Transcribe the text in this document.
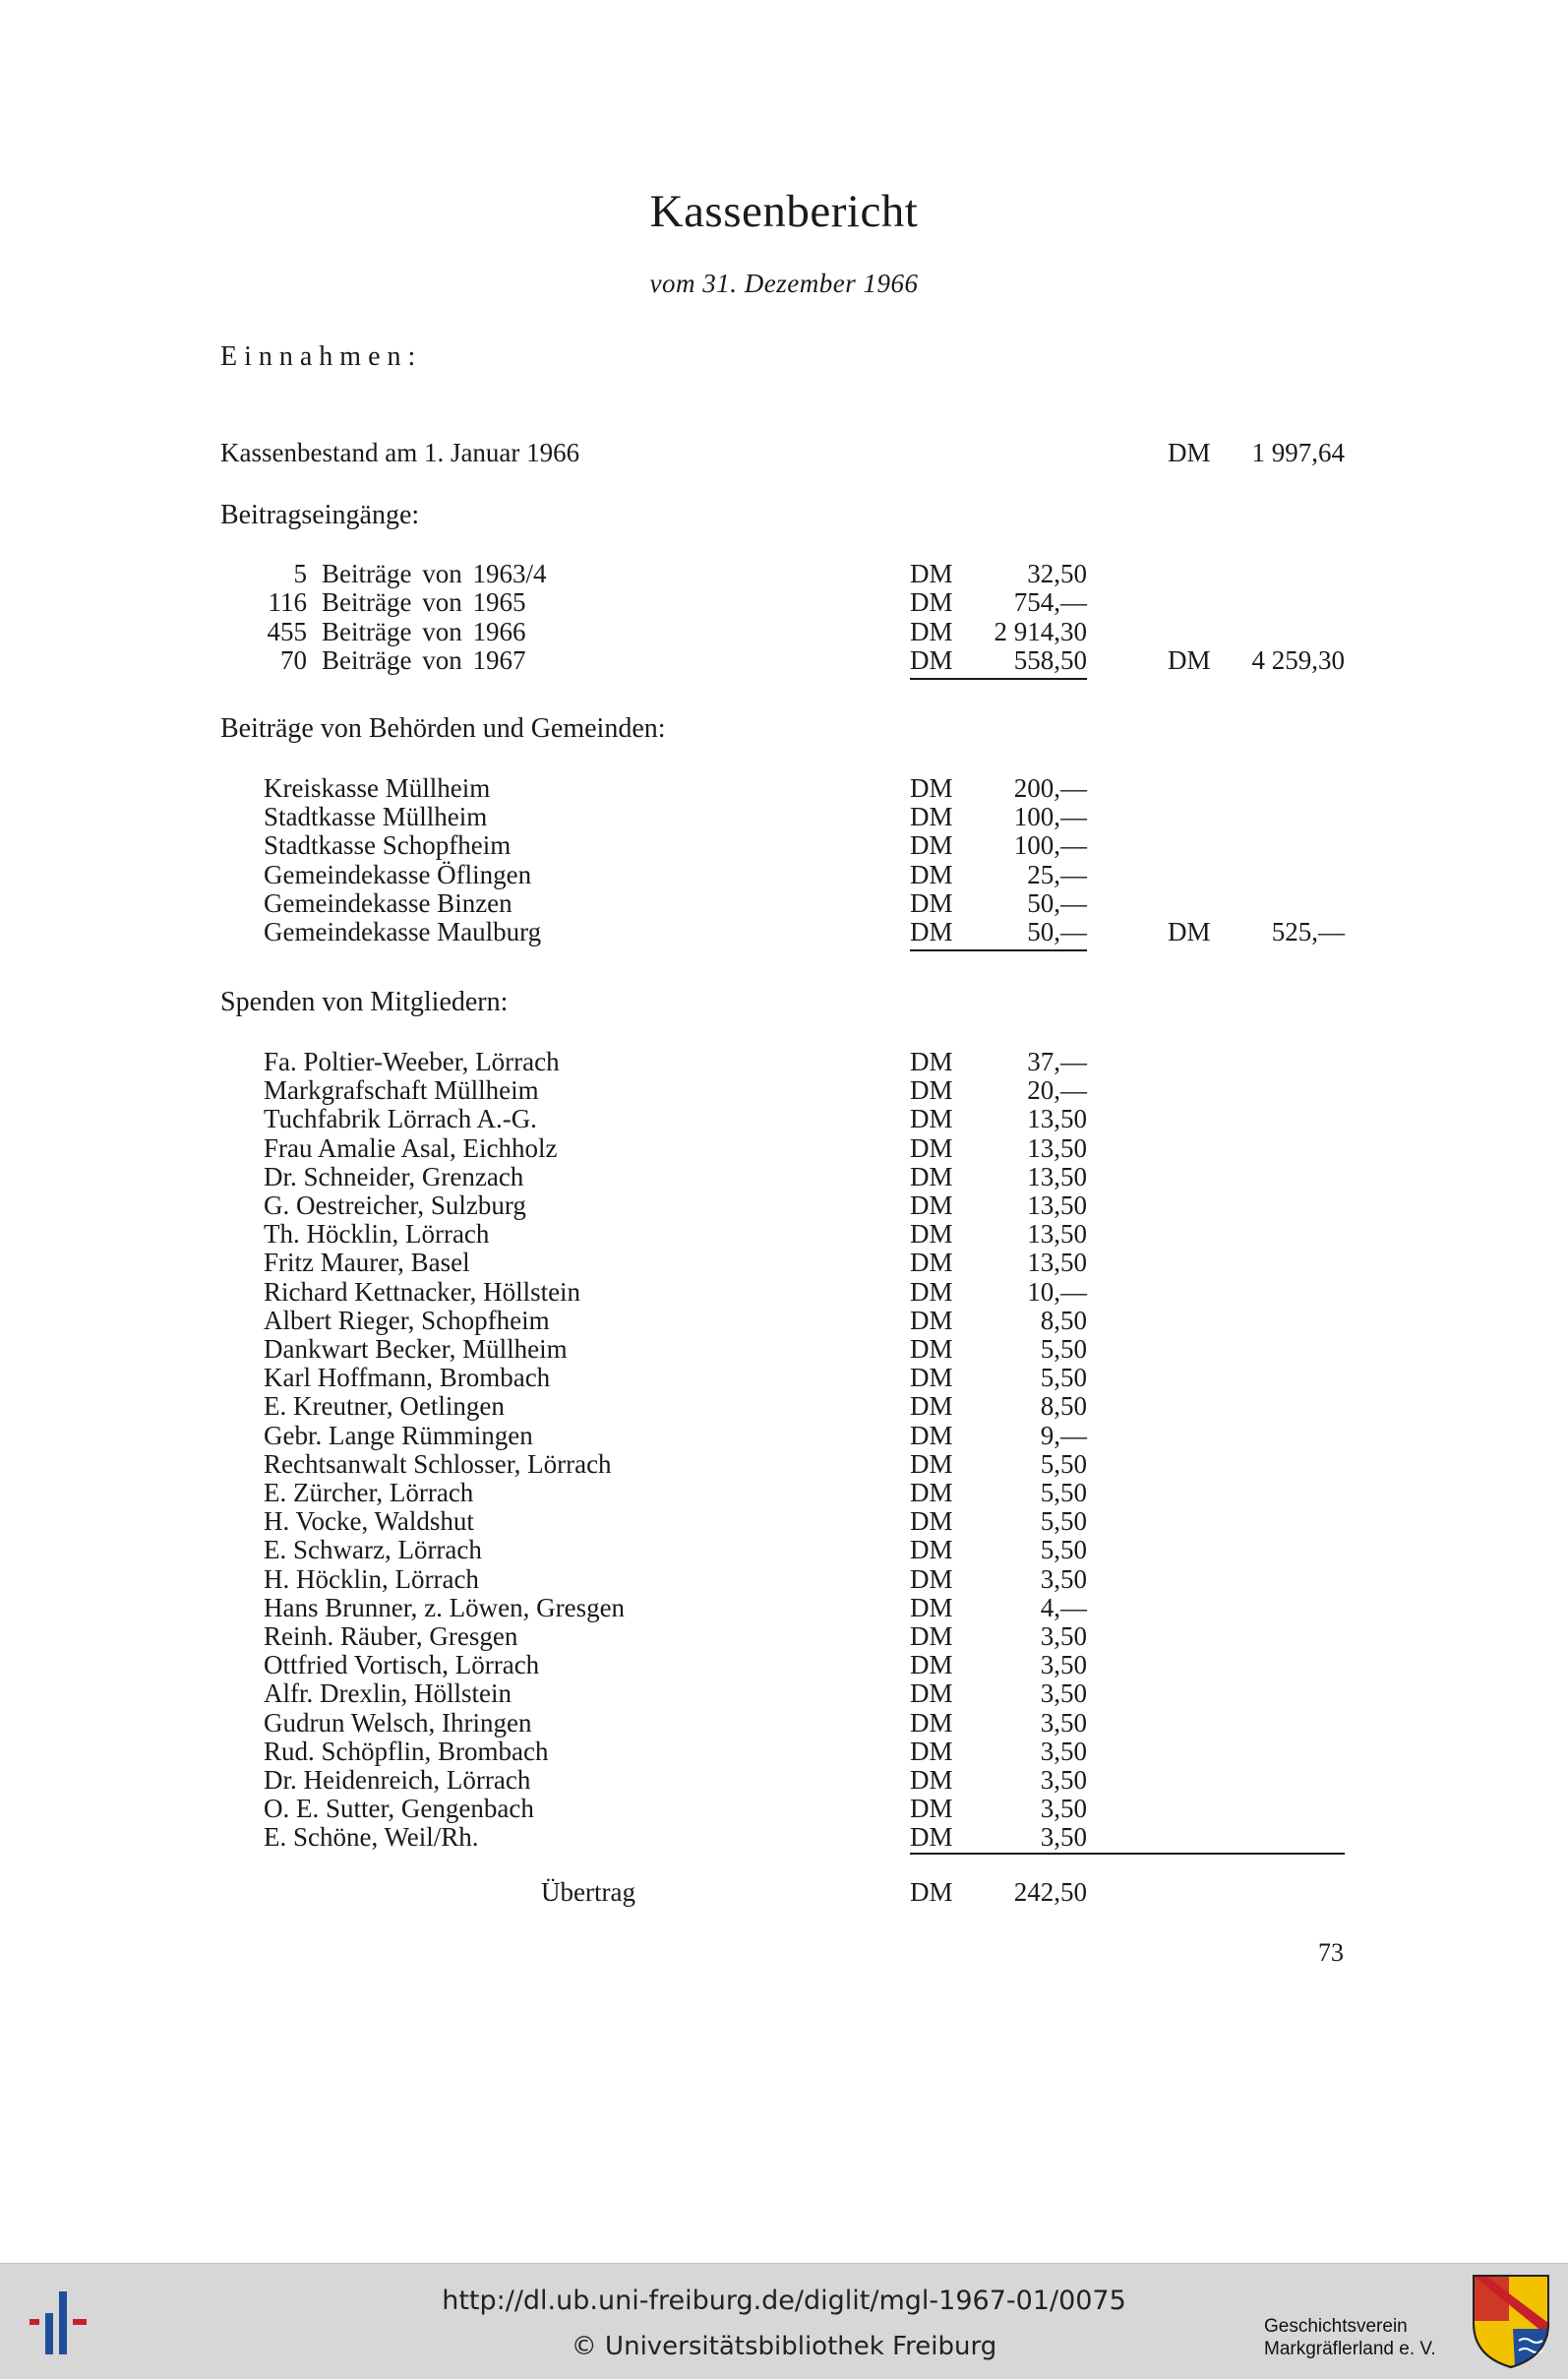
Kassenbericht
vom 31. Dezember 1966
Einnahmen:
Kassenbestand am 1. Januar 1966	DM 1 997,64
Beitragseingänge:
5 Beiträge von 1963/4	DM	32,50
116 Beiträge von 1965	DM 754,—
455 Beiträge von 1966	DM 2 914,30
70 Beiträge von 1967	DM 558,50	DM 4 259,30
Beiträge von Behörden und Gemeinden:
Kreiskasse Müllheim	DM 200,—
Stadtkasse Müllheim	DM 100,—
Stadtkasse Schopfheim	DM 100,—
Gemeindekasse Öflingen	DM	25,—
Gemeindekasse Binzen	DM	50,—
Gemeindekasse Maulburg	DM	50,—	DM 525,—
Spenden von Mitgliedern:
Fa. Poltier-Weeber, Lörrach	DM	37,—
Markgrafschaft Müllheim	DM	20,—
Tuchfabrik Lörrach A.-G.	DM	13,50
Frau Amalie Asal, Eichholz	DM	13,50
Dr. Schneider, Grenzach	DM	13,50
G. Oestreicher, Sulzburg	DM	13,50
Th. Höcklin, Lörrach	DM	13,50
Fritz Maurer, Basel	DM	13,50
Richard Kettnacker, Höllstein	DM	10,—
Albert Rieger, Schopfheim	DM	8,50
Dankwart Becker, Müllheim	DM	5,50
Karl Hoffmann, Brombach	DM	5,50
E. Kreutner, Oetlingen	DM	8,50
Gebr. Lange Rümmingen	DM	9,—
Rechtsanwalt Schlosser, Lörrach	DM	5,50
E. Zürcher, Lörrach	DM	5,50
H. Vocke, Waldshut	DM	5,50
E. Schwarz, Lörrach	DM	5,50
H. Höcklin, Lörrach	DM	3,50
Hans Brunner, z. Löwen, Gresgen	DM	4,—
Reinh. Räuber, Gresgen	DM	3,50
Ottfried Vortisch, Lörrach	DM	3,50
Alfr. Drexlin, Höllstein	DM	3,50
Gudrun Welsch, Ihringen	DM	3,50
Rud. Schöpflin, Brombach	DM	3,50
Dr. Heidenreich, Lörrach	DM	3,50
O. E. Sutter, Gengenbach	DM	3,50
E. Schöne, Weil/Rh.	DM	3,50
Übertrag	DM 242,50
73
http://dl.ub.uni-freiburg.de/diglit/mgl-1967-01/0075
© Universitätsbibliothek Freiburg
Geschichtsverein
Markgräflerland e. V.
